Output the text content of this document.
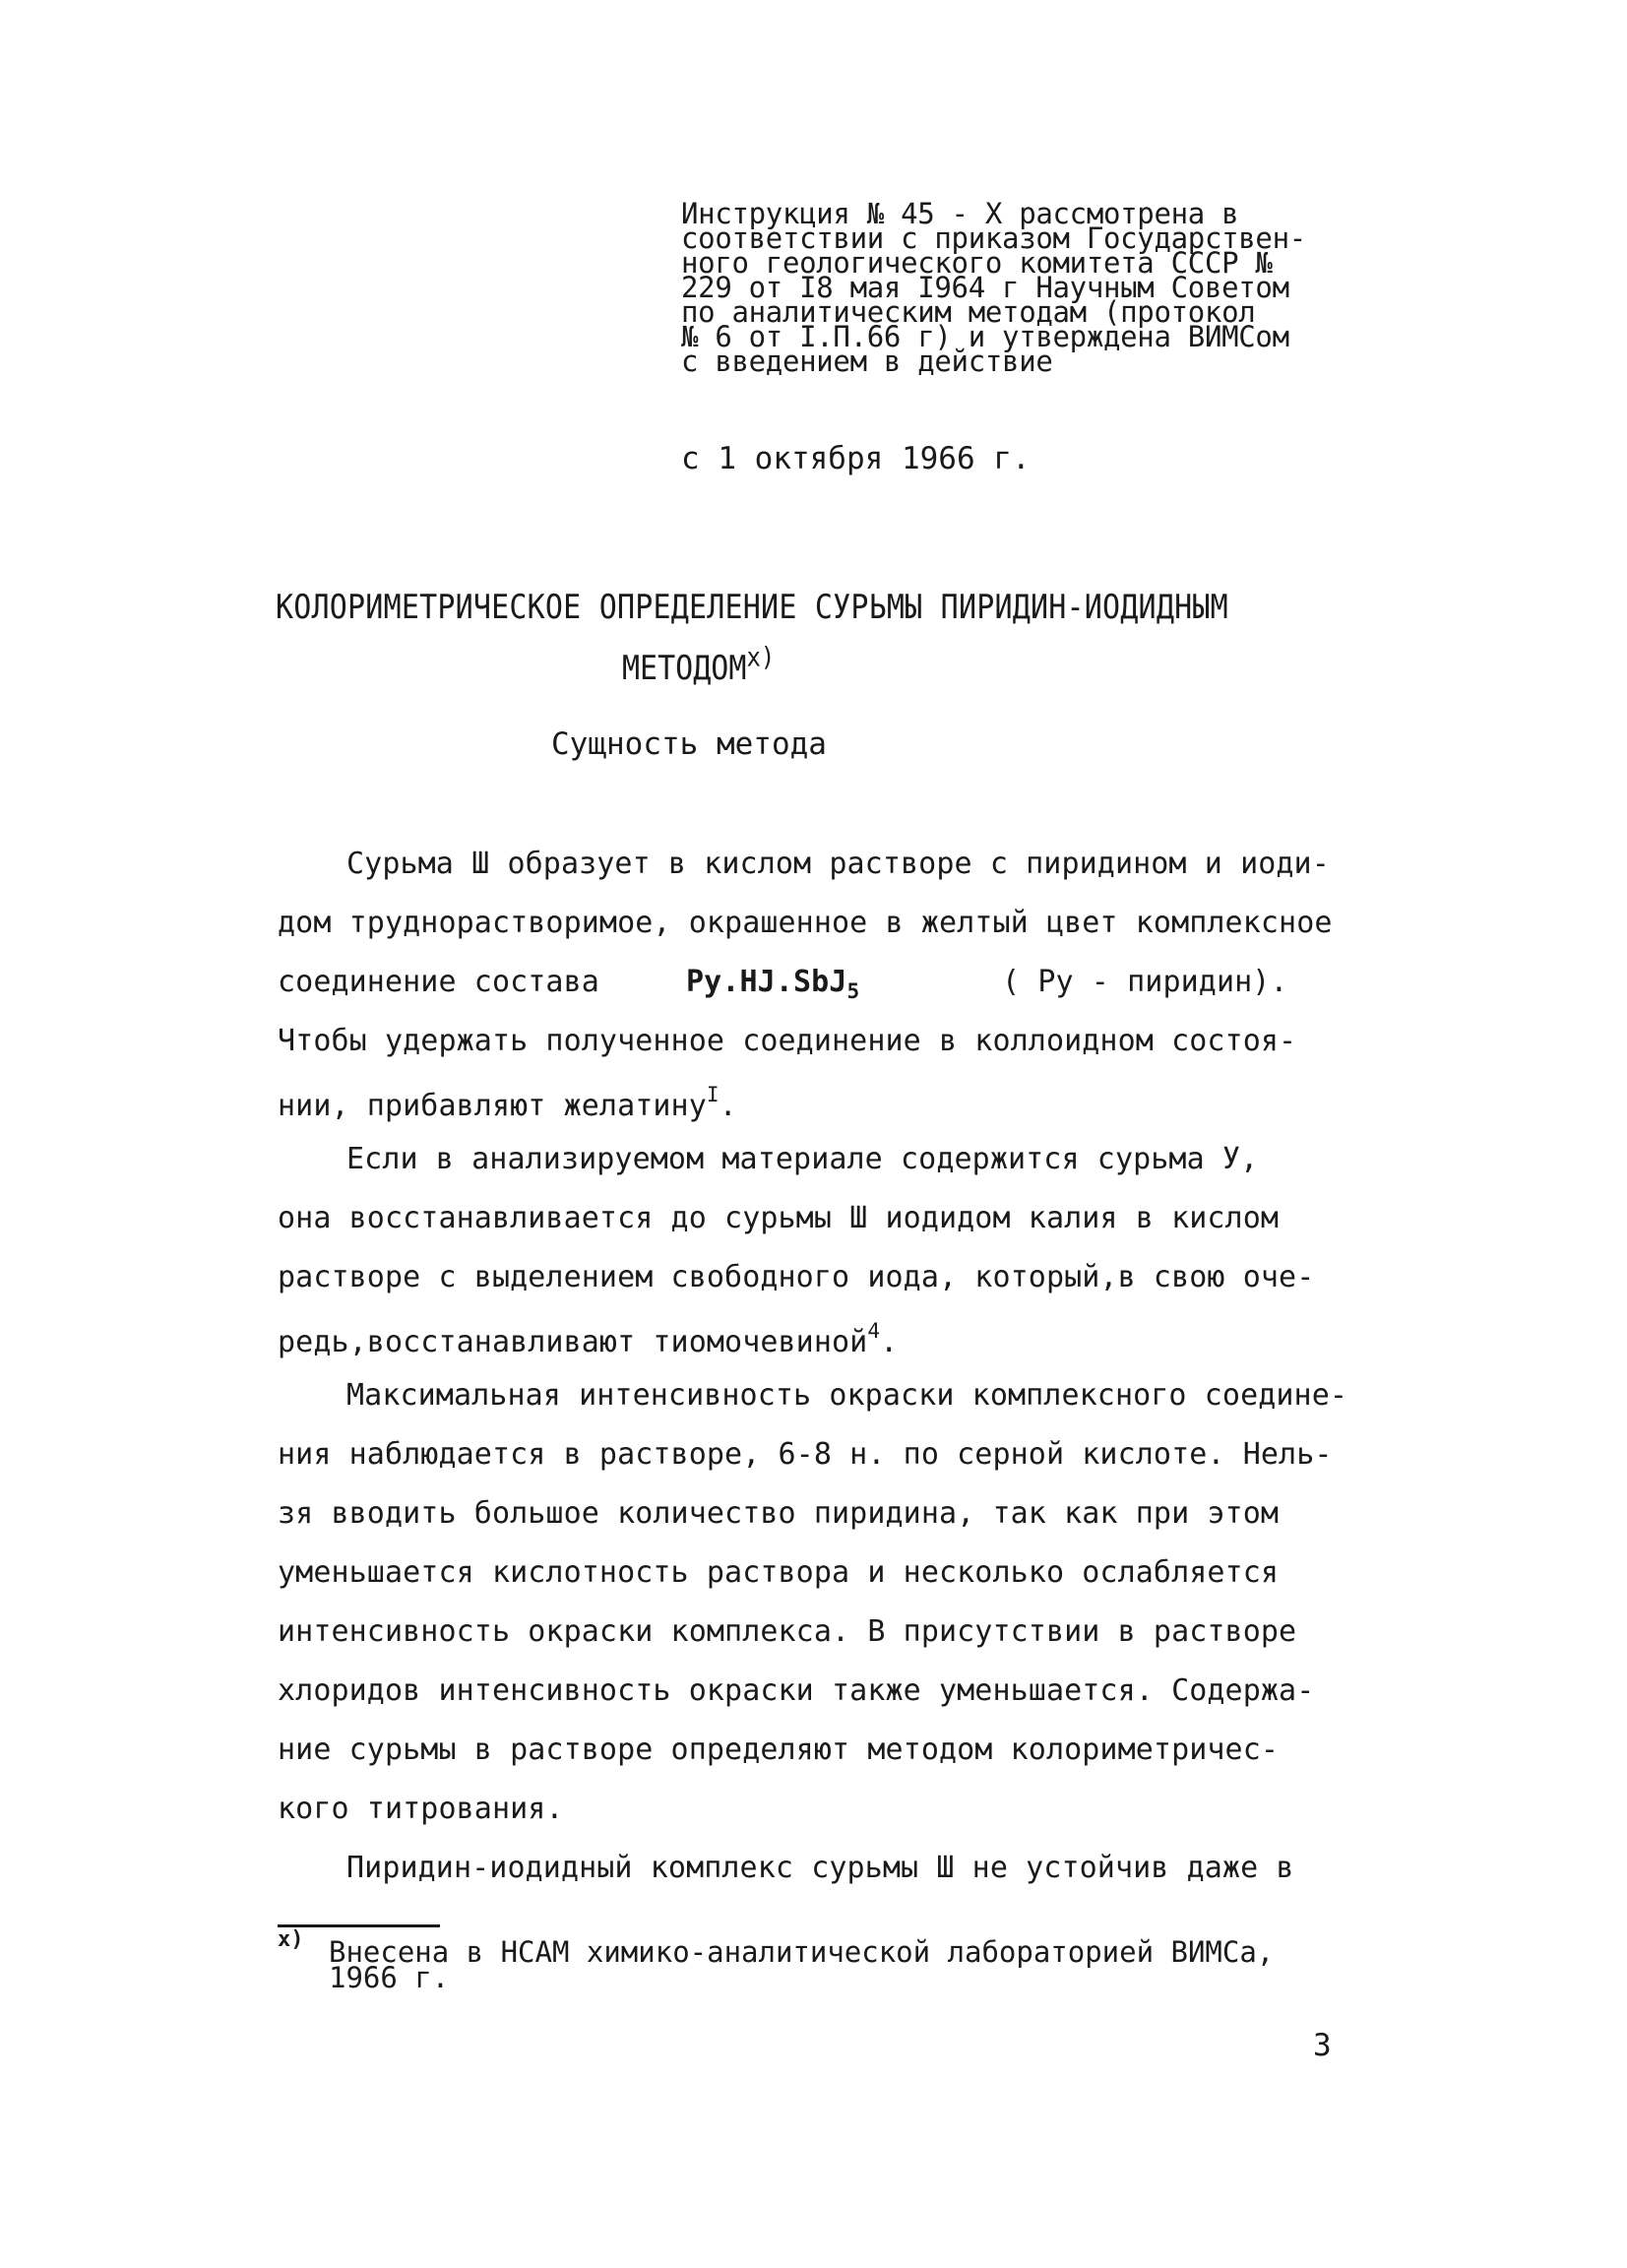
Инструкция № 45 - X рассмотрена в
соответствии с приказом Государствен-
ного геологического комитета СССР №
229 от I8 мая I964 г Научным Советом
по аналитическим методам (протокол
№ 6 от I.П.66 г) и утверждена ВИМСом
с введением в действие
с 1 октября 1966 г.
КОЛОРИМЕТРИЧЕСКОЕ ОПРЕДЕЛЕНИЕ СУРЬМЫ ПИРИДИН-ИОДИДНЫМ
МЕТОДОМ$^{x)}$
Сущность метода
Сурьма Ш образует в кислом растворе с пиридином и иоди-
дом труднорастворимое, окрашенное в желтый цвет комплексное
соединение состава	Py.HJ.SbJ$_5$	( Py - пиридин).
Чтобы удержать полученное соединение в коллоидном состоя-
нии, прибавляют желатину$^I$.
Если в анализируемом материале содержится сурьма У,
она восстанавливается до сурьмы Ш иодидом калия в кислом
растворе с выделением свободного иода, который,в свою оче-
редь,восстанавливают тиомочевиной$^4$.
Максимальная интенсивность окраски комплексного соедине-
ния наблюдается в растворе, 6-8 н. по серной кислоте. Нель-
зя вводить большое количество пиридина, так как при этом
уменьшается кислотность раствора и несколько ослабляется
интенсивность окраски комплекса. В присутствии в растворе
хлоридов интенсивность окраски также уменьшается. Содержа-
ние сурьмы в растворе определяют методом колориметричес-
кого титрования.
Пиридин-иодидный комплекс сурьмы Ш не устойчив даже в
x) Внесена в НСАМ химико-аналитической лабораторией ВИМСа,
1966 г.
3
